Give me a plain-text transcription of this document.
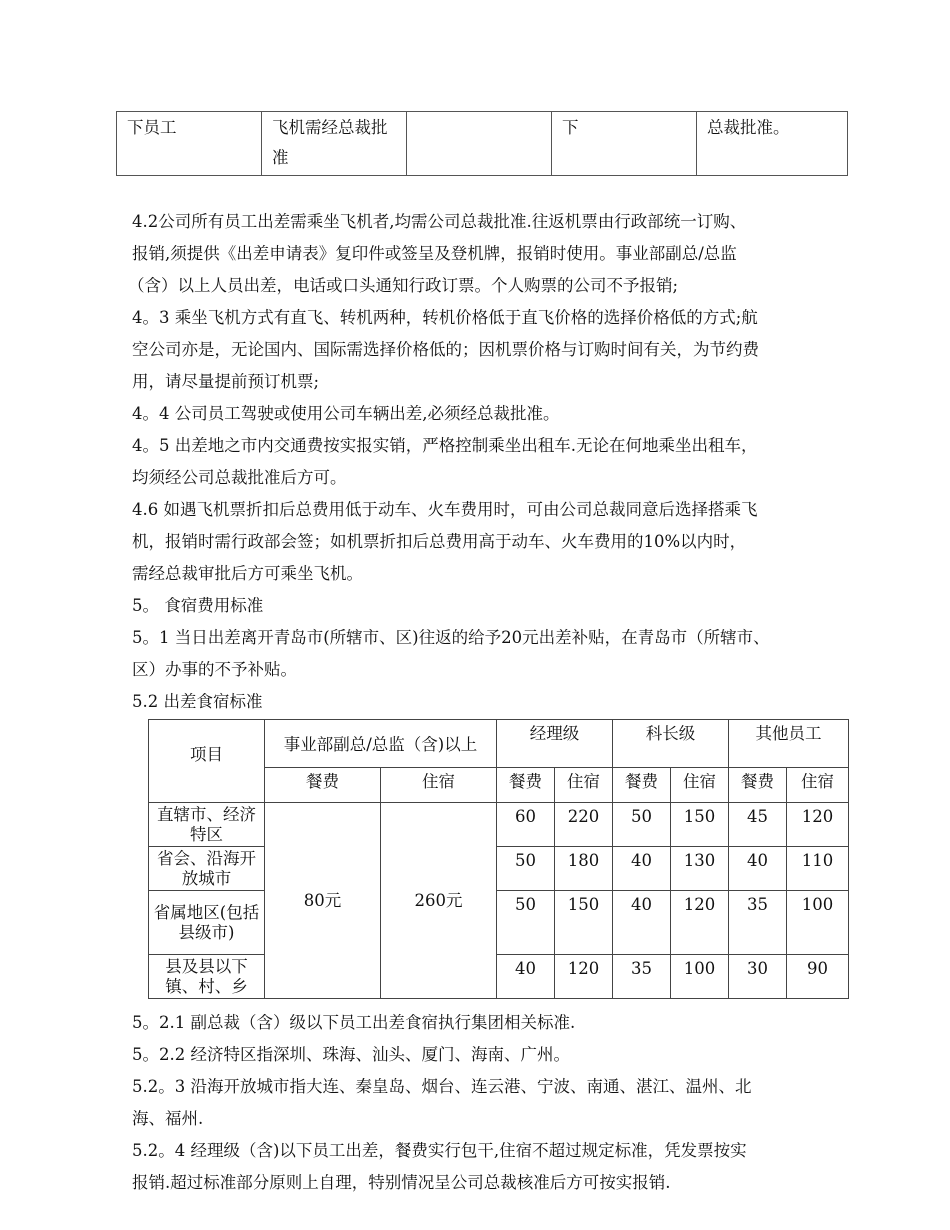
下员工	飞机需经总裁批准		下	总裁批准。

4.2公司所有员工出差需乘坐飞机者,均需公司总裁批准.往返机票由行政部统一订购、

报销,须提供《出差申请表》复印件或签呈及登机牌，报销时使用。事业部副总/总监

（含）以上人员出差，电话或口头通知行政订票。个人购票的公司不予报销;

4。3 乘坐飞机方式有直飞、转机两种，转机价格低于直飞价格的选择价格低的方式;航

空公司亦是，无论国内、国际需选择价格低的；因机票价格与订购时间有关，为节约费

用，请尽量提前预订机票;

4。4 公司员工驾驶或使用公司车辆出差,必须经总裁批准。

4。5 出差地之市内交通费按实报实销，严格控制乘坐出租车.无论在何地乘坐出租车，

均须经公司总裁批准后方可。

4.6 如遇飞机票折扣后总费用低于动车、火车费用时，可由公司总裁同意后选择搭乘飞

机，报销时需行政部会签；如机票折扣后总费用高于动车、火车费用的10%以内时，

需经总裁审批后方可乘坐飞机。

5。 食宿费用标准

5。1 当日出差离开青岛市(所辖市、区)往返的给予20元出差补贴，在青岛市（所辖市、

区）办事的不予补贴。

5.2 出差食宿标准

项目	事业部副总/总监（含)以上		经理级		科长级		其他员工	
	餐费	住宿	餐费	住宿	餐费	住宿	餐费	住宿
直辖市、经济特区	80元	260元	60	220	50	150	45	120
省会、沿海开放城市			50	180	40	130	40	110
省属地区(包括县级市)			50	150	40	120	35	100
县及县以下镇、村、乡			40	120	35	100	30	90

5。2.1 副总裁（含）级以下员工出差食宿执行集团相关标准.

5。2.2 经济特区指深圳、珠海、汕头、厦门、海南、广州。

5.2。3 沿海开放城市指大连、秦皇岛、烟台、连云港、宁波、南通、湛江、温州、北

海、福州.

5.2。4 经理级（含)以下员工出差，餐费实行包干,住宿不超过规定标准，凭发票按实

报销.超过标准部分原则上自理，特别情况呈公司总裁核准后方可按实报销.
